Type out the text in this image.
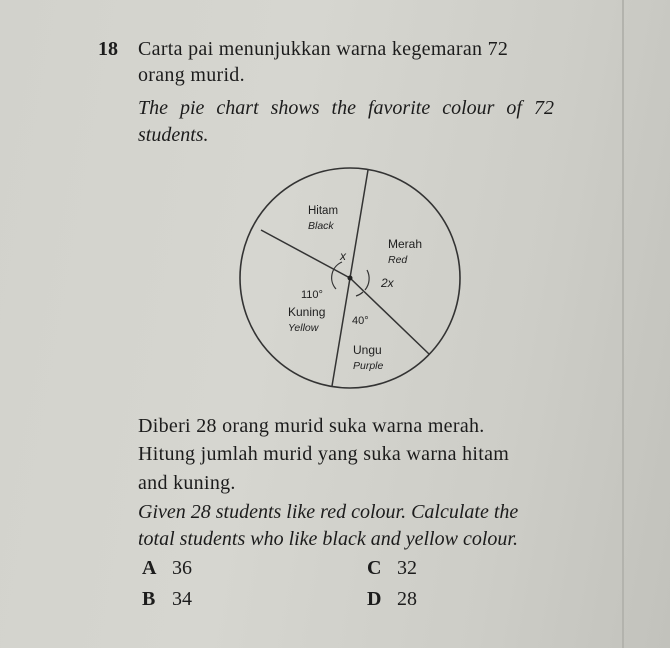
18 Carta pai menunjukkan warna kegemaran 72
orang murid.
The pie chart shows the favorite colour of 72
students.
Hitam
Black
x
Merah
Red
2x
110°
Kuning
Yellow
40°
Ungu
Purple
Diberi 28 orang murid suka warna merah.
Hitung jumlah murid yang suka warna hitam
and kuning.
Given 28 students like red colour. Calculate the
total students who like black and yellow colour.
A 36
B 34
C 32
D 28
